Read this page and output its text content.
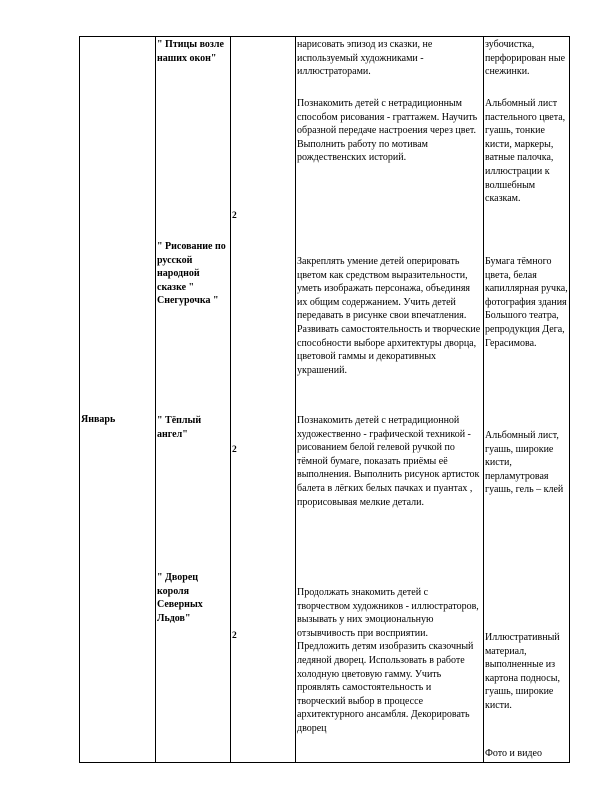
Январь
" Птицы возле наших окон"
нарисовать эпизод из сказки, не используемый художниками - иллюстраторами.
зубочистка, перфорирован ные снежинки.
2
Познакомить детей с нетрадиционным способом рисования - граттажем. Научить образной передаче настроения через цвет. Выполнить работу по мотивам рождественских историй.
Альбомный лист пастельного цвета, гуашь, тонкие кисти, маркеры, ватные палочка, иллюстрации к волшебным сказкам.
" Рисование по русской народной сказке " Снегурочка "
Закреплять умение детей оперировать цветом как средством выразительности, уметь изображать персонажа, объединяя их общим содержанием. Учить детей передавать в рисунке свои впечатления. Развивать самостоятельность и творческие способности выборе архитектуры дворца, цветовой гаммы и декоративных украшений.
Бумага тёмного цвета, белая капиллярная ручка, фотография здания Большого театра, репродукция Дега, Герасимова.
" Тёплый ангел"
2
Познакомить детей с нетрадиционной художественно - графической техникой - рисованием белой гелевой ручкой по тёмной бумаге, показать приёмы её выполнения. Выполнить рисунок артисток балета в лёгких белых пачках и пуантах , прорисовывая мелкие детали.
Альбомный лист, гуашь, широкие кисти, перламутровая гуашь, гель – клей
" Дворец короля Северных Льдов"
2
Продолжать знакомить детей с творчеством художников - иллюстраторов, вызывать у них эмоциональную отзывчивость при восприятии. Предложить детям изобразить сказочный ледяной дворец. Использовать в работе холодную цветовую гамму. Учить проявлять самостоятельность и творческий выбор в процессе архитектурного ансамбля. Декорировать дворец
Иллюстративный материал, выполненные из картона подносы, гуашь, широкие кисти.
Фото и видео
